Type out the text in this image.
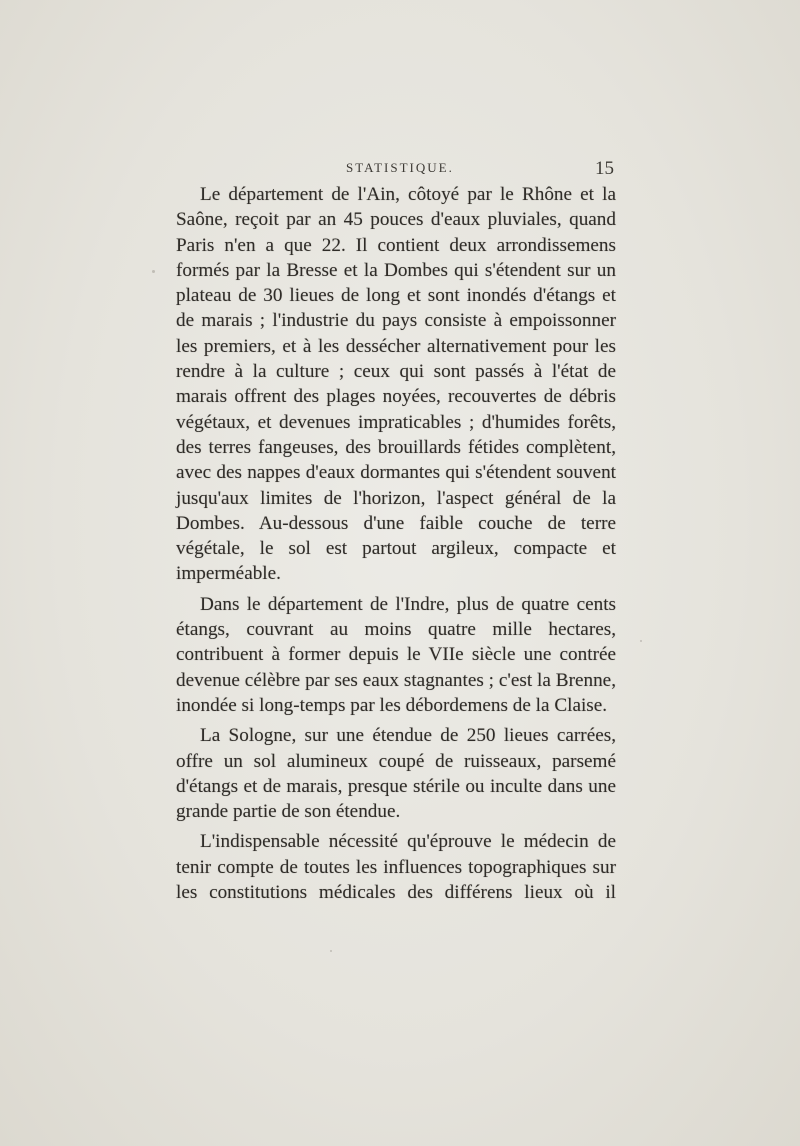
STATISTIQUE.	15

Le département de l'Ain, côtoyé par le Rhône et la Saône, reçoit par an 45 pouces d'eaux pluviales, quand Paris n'en a que 22. Il contient deux arrondissemens formés par la Bresse et la Dombes qui s'étendent sur un plateau de 30 lieues de long et sont inondés d'étangs et de marais ; l'industrie du pays consiste à empoissonner les premiers, et à les dessécher alternativement pour les rendre à la culture ; ceux qui sont passés à l'état de marais offrent des plages noyées, recouvertes de débris végétaux, et devenues impraticables ; d'humides forêts, des terres fangeuses, des brouillards fétides complètent, avec des nappes d'eaux dormantes qui s'étendent souvent jusqu'aux limites de l'horizon, l'aspect général de la Dombes. Au-dessous d'une faible couche de terre végétale, le sol est partout argileux, compacte et imperméable.

Dans le département de l'Indre, plus de quatre cents étangs, couvrant au moins quatre mille hectares, contribuent à former depuis le VIIe siècle une contrée devenue célèbre par ses eaux stagnantes ; c'est la Brenne, inondée si long-temps par les débordemens de la Claise.

La Sologne, sur une étendue de 250 lieues carrées, offre un sol alumineux coupé de ruisseaux, parsemé d'étangs et de marais, presque stérile ou inculte dans une grande partie de son étendue.

L'indispensable nécessité qu'éprouve le médecin de tenir compte de toutes les influences topographiques sur les constitutions médicales des différens lieux où il
